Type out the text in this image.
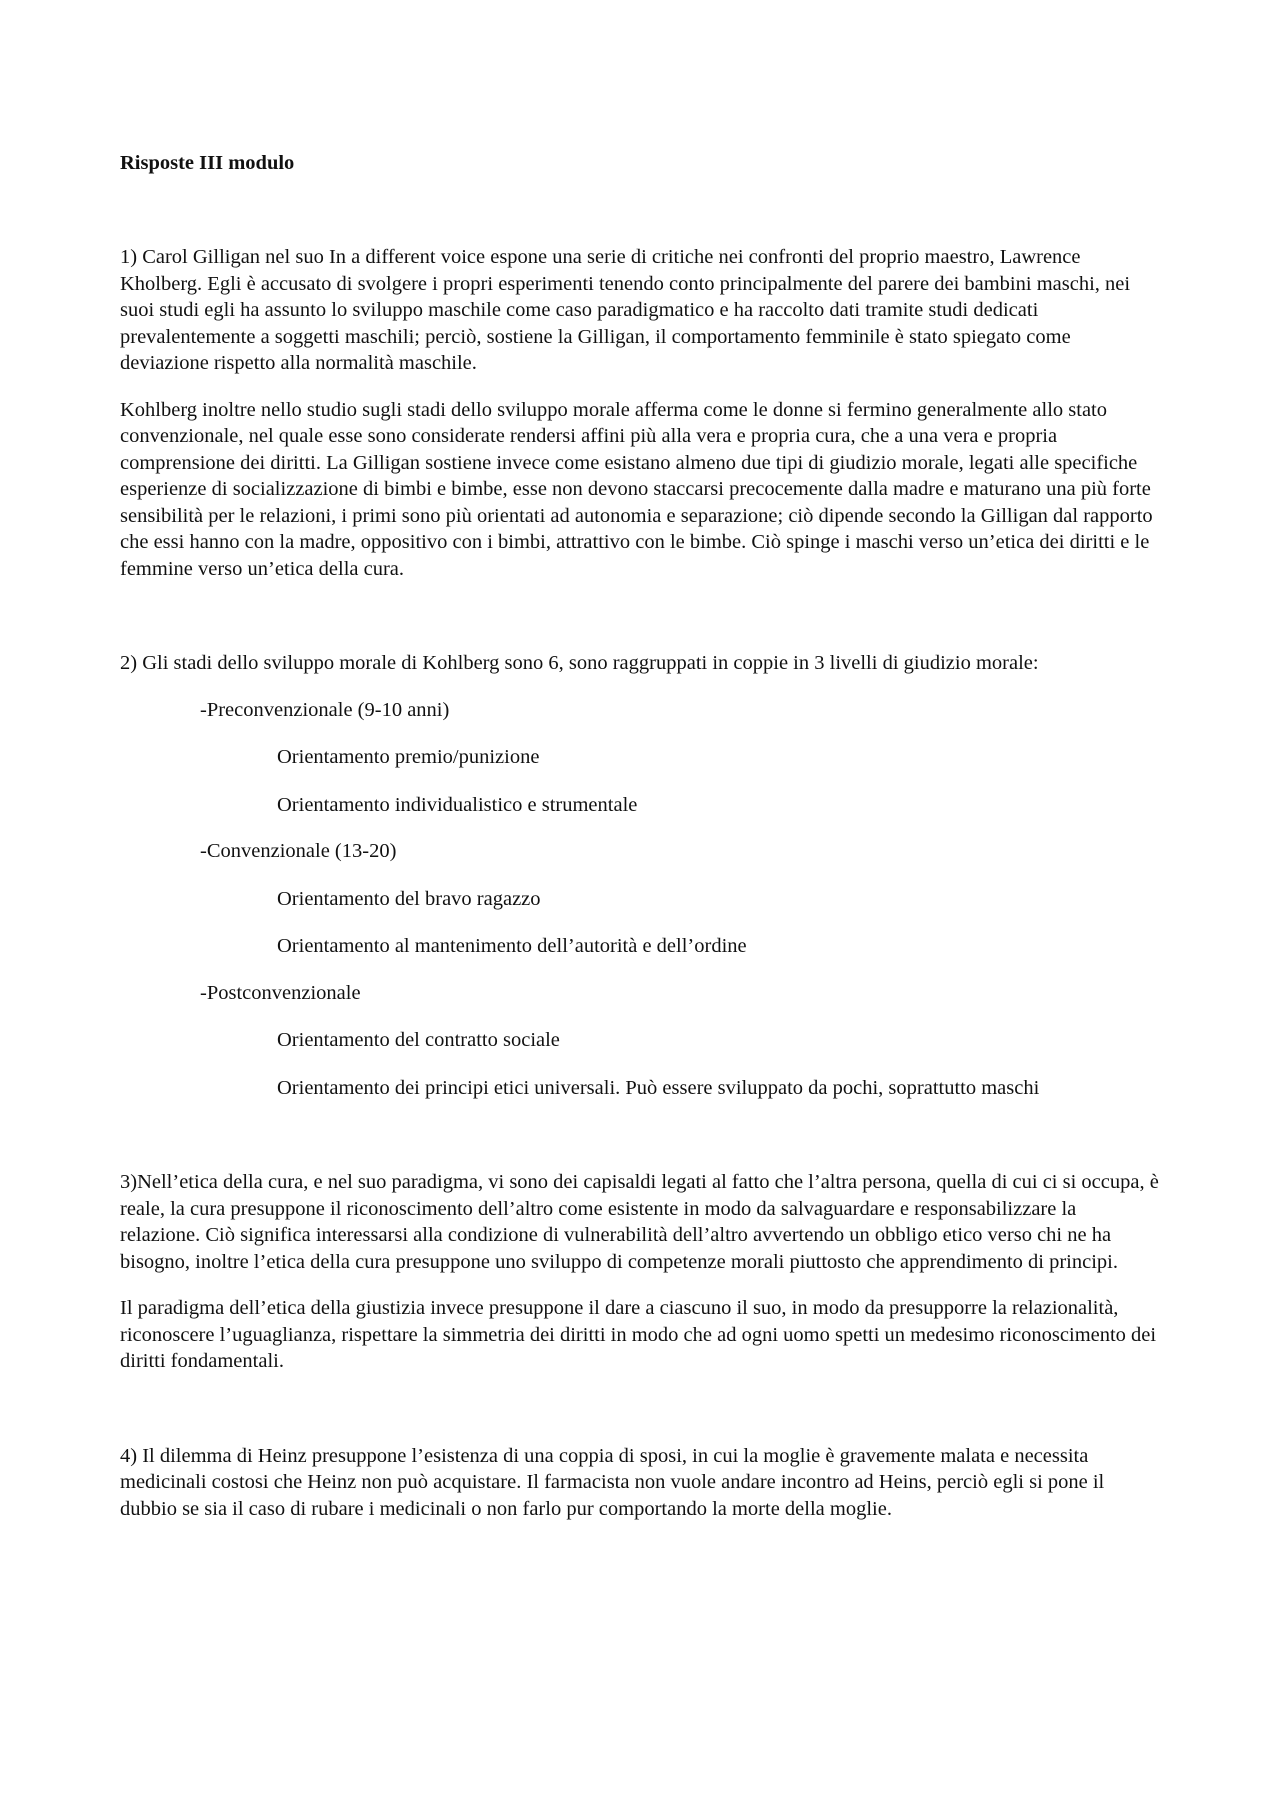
Risposte III modulo

1) Carol Gilligan nel suo In a different voice espone una serie di critiche nei confronti del proprio maestro, Lawrence Kholberg. Egli è accusato di svolgere i propri esperimenti tenendo conto principalmente del parere dei bambini maschi, nei suoi studi egli ha assunto lo sviluppo maschile come caso paradigmatico e ha raccolto dati tramite studi dedicati prevalentemente a soggetti maschili; perciò, sostiene la Gilligan, il comportamento femminile è stato spiegato come deviazione rispetto alla normalità maschile.

Kohlberg inoltre nello studio sugli stadi dello sviluppo morale afferma come le donne si fermino generalmente allo stato convenzionale, nel quale esse sono considerate rendersi affini più alla vera e propria cura, che a una vera e propria comprensione dei diritti. La Gilligan sostiene invece come esistano almeno due tipi di giudizio morale, legati alle specifiche esperienze di socializzazione di bimbi e bimbe, esse non devono staccarsi precocemente dalla madre e maturano una più forte sensibilità per le relazioni, i primi sono più orientati ad autonomia e separazione; ciò dipende secondo la Gilligan dal rapporto che essi hanno con la madre, oppositivo con i bimbi, attrattivo con le bimbe. Ciò spinge i maschi verso un’etica dei diritti e le femmine verso un’etica della cura.

2) Gli stadi dello sviluppo morale di Kohlberg sono 6, sono raggruppati in coppie in 3 livelli di giudizio morale:

-Preconvenzionale (9-10 anni)

Orientamento premio/punizione

Orientamento individualistico e strumentale

-Convenzionale (13-20)

Orientamento del bravo ragazzo

Orientamento al mantenimento dell’autorità e dell’ordine

-Postconvenzionale

Orientamento del contratto sociale

Orientamento dei principi etici universali. Può essere sviluppato da pochi, soprattutto maschi

3)Nell’etica della cura, e nel suo paradigma, vi sono dei capisaldi legati al fatto che l’altra persona, quella di cui ci si occupa, è reale, la cura presuppone il riconoscimento dell’altro come esistente in modo da salvaguardare e responsabilizzare la relazione. Ciò significa interessarsi alla condizione di vulnerabilità dell’altro avvertendo un obbligo etico verso chi ne ha bisogno, inoltre l’etica della cura presuppone uno sviluppo di competenze morali piuttosto che apprendimento di principi.

Il paradigma dell’etica della giustizia invece presuppone il dare a ciascuno il suo, in modo da presupporre la relazionalità, riconoscere l’uguaglianza, rispettare la simmetria dei diritti in modo che ad ogni uomo spetti un medesimo riconoscimento dei diritti fondamentali.

4) Il dilemma di Heinz presuppone l’esistenza di una coppia di sposi, in cui la moglie è gravemente malata e necessita medicinali costosi che Heinz non può acquistare. Il farmacista non vuole andare incontro ad Heins, perciò egli si pone il dubbio se sia il caso di rubare i medicinali o non farlo pur comportando la morte della moglie.
